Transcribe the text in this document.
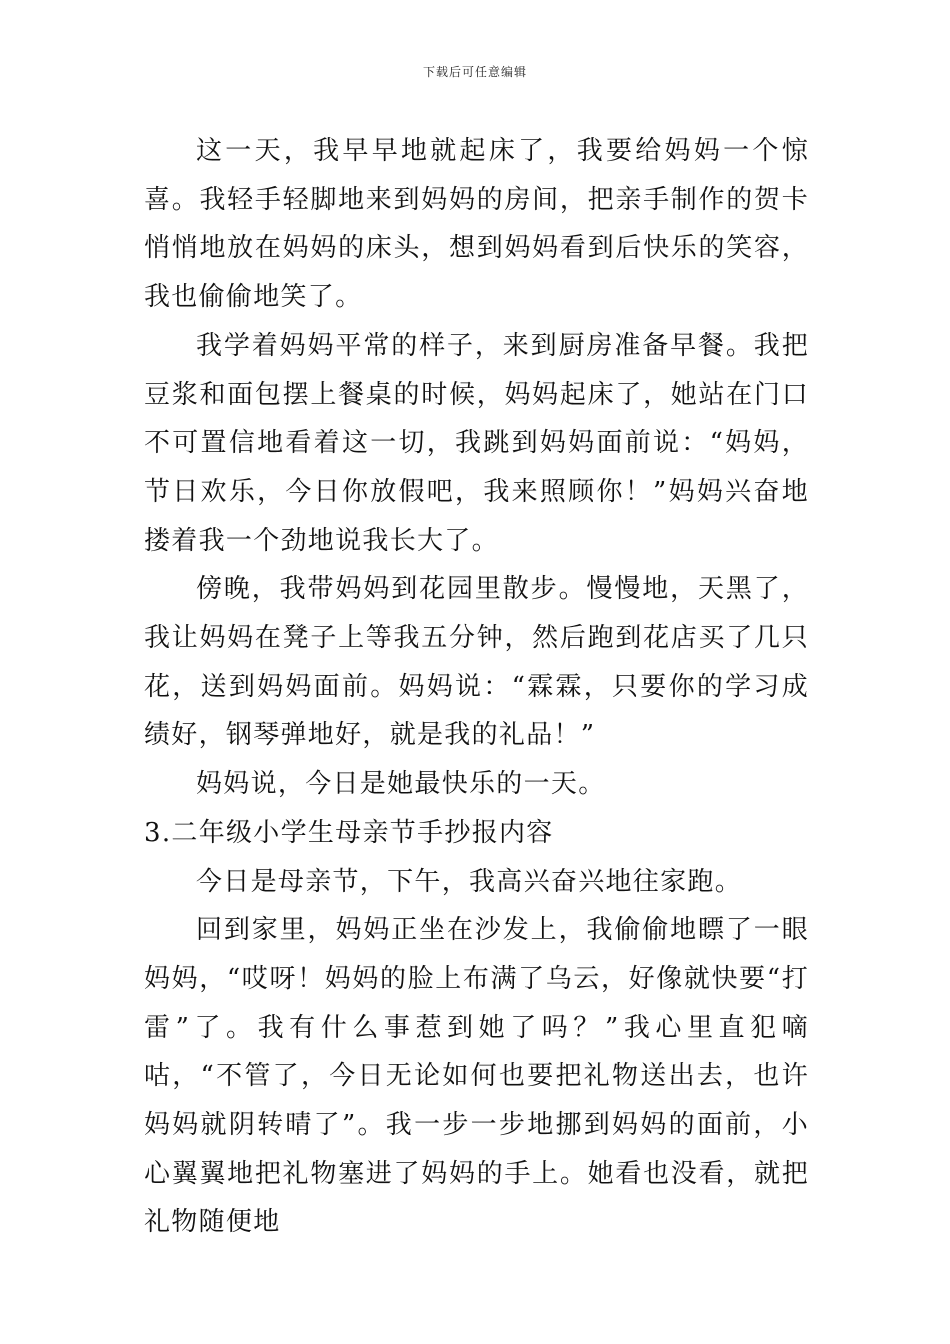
下载后可任意编辑

这一天，我早早地就起床了，我要给妈妈一个惊喜。我轻手轻脚地来到妈妈的房间，把亲手制作的贺卡悄悄地放在妈妈的床头，想到妈妈看到后快乐的笑容，我也偷偷地笑了。

我学着妈妈平常的样子，来到厨房准备早餐。我把豆浆和面包摆上餐桌的时候，妈妈起床了，她站在门口不可置信地看着这一切，我跳到妈妈面前说：“妈妈，节日欢乐，今日你放假吧，我来照顾你！”妈妈兴奋地搂着我一个劲地说我长大了。

傍晚，我带妈妈到花园里散步。慢慢地，天黑了，我让妈妈在凳子上等我五分钟，然后跑到花店买了几只花，送到妈妈面前。妈妈说：“霖霖，只要你的学习成绩好，钢琴弹地好，就是我的礼品！”

妈妈说，今日是她最快乐的一天。

3.二年级小学生母亲节手抄报内容

今日是母亲节，下午，我高兴奋兴地往家跑。

回到家里，妈妈正坐在沙发上，我偷偷地瞟了一眼妈妈，“哎呀！妈妈的脸上布满了乌云，好像就快要“打雷”了。我有什么事惹到她了吗？”我心里直犯嘀咕，“不管了，今日无论如何也要把礼物送出去，也许妈妈就阴转晴了”。我一步一步地挪到妈妈的面前，小心翼翼地把礼物塞进了妈妈的手上。她看也没看，就把礼物随便地
